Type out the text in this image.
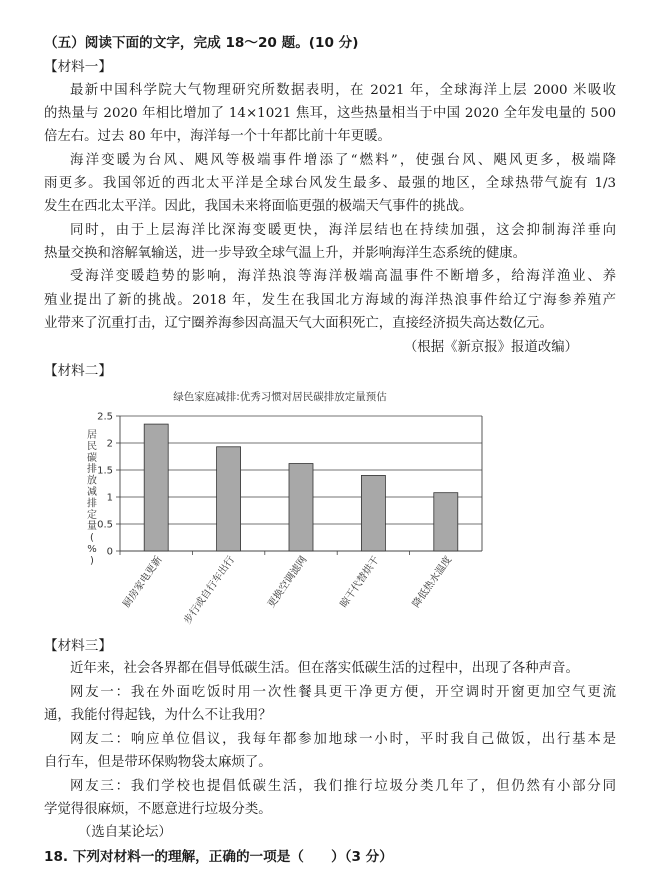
（五）阅读下面的文字，完成 18～20 题。(10 分)
【材料一】
最新中国科学院大气物理研究所数据表明，在 2021 年，全球海洋上层 2000 米吸收
的热量与 2020 年相比增加了 14×1021 焦耳，这些热量相当于中国 2020 全年发电量的 500
倍左右。过去 80 年中，海洋每一个十年都比前十年更暖。
海洋变暖为台风、飓风等极端事件增添了“燃料”，使强台风、飓风更多，极端降
雨更多。我国邻近的西北太平洋是全球台风发生最多、最强的地区，全球热带气旋有 1/3
发生在西北太平洋。因此，我国未来将面临更强的极端天气事件的挑战。
同时，由于上层海洋比深海变暖更快，海洋层结也在持续加强，这会抑制海洋垂向
热量交换和溶解氧输送，进一步导致全球气温上升，并影响海洋生态系统的健康。
受海洋变暖趋势的影响，海洋热浪等海洋极端高温事件不断增多，给海洋渔业、养
殖业提出了新的挑战。2018 年，发生在我国北方海域的海洋热浪事件给辽宁海参养殖产
业带来了沉重打击，辽宁圈养海参因高温天气大面积死亡，直接经济损失高达数亿元。
（根据《新京报》报道改编）
【材料二】
绿色家庭减排:优秀习惯对居民碳排放定量预估
居民碳排放减排定量( % )
0
0.5
1
1.5
2
2.5
厨房家电更新 步行或自行车出行	更换空调滤网	晾干代替烘干	降低热水温度
【材料三】
近年来，社会各界都在倡导低碳生活。但在落实低碳生活的过程中，出现了各种声音。
网友一：我在外面吃饭时用一次性餐具更干净更方便，开空调时开窗更加空气更流
通，我能付得起钱，为什么不让我用？
网友二：响应单位倡议，我每年都参加地球一小时，平时我自己做饭，出行基本是
自行车，但是带环保购物袋太麻烦了。
网友三：我们学校也提倡低碳生活，我们推行垃圾分类几年了，但仍然有小部分同
学觉得很麻烦，不愿意进行垃圾分类。
（选自某论坛）
18. 下列对材料一的理解，正确的一项是（　　）（3 分）
